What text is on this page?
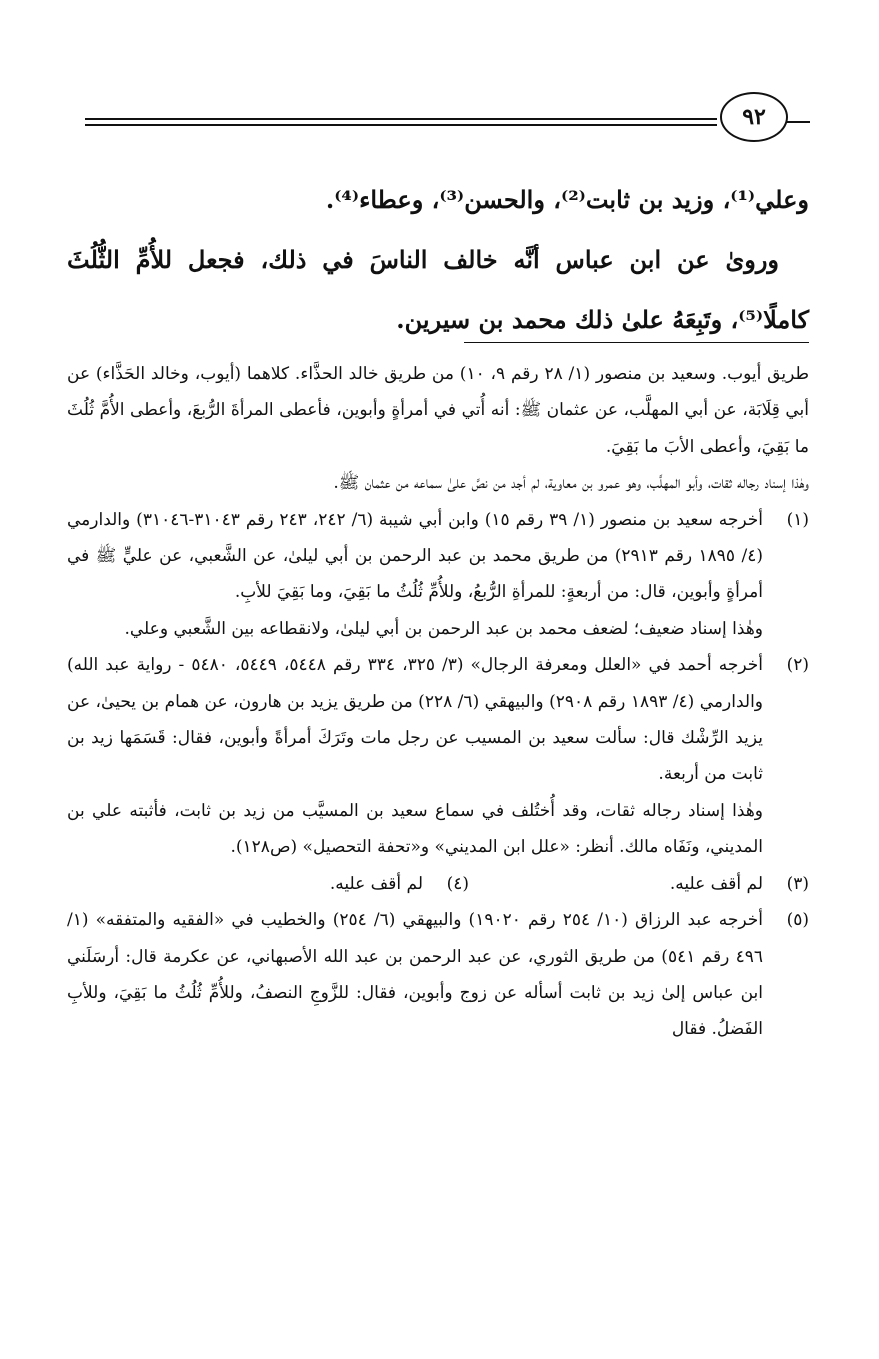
٩٢

وعلي⁽¹⁾، وزيد بن ثابت⁽²⁾، والحسن⁽³⁾، وعطاء⁽⁴⁾.

ورویٰ عن ابن عباس أنَّه خالف الناسَ في ذلك، فجعل للأُمِّ الثُّلُثَ كاملًا⁽⁵⁾، وتَبِعَهُ علىٰ ذلك محمد بن سيرين.

طريق أيوب. وسعيد بن منصور (١/ ٢٨ رقم ٩، ١٠) من طريق خالد الحذَّاء. كلاهما (أيوب، وخالد الحَذَّاء) عن أبي قِلَابَة، عن أبي المهلَّب، عن عثمان ﷺ: أنه أُتي في أمرأةٍ وأبوين، فأعطى المرأةَ الرُّبعَ، وأعطى الأُمَّ ثُلُثَ ما بَقِيَ، وأعطى الأبَ ما بَقِيَ.

وهٰذا إسناد رجاله ثقات، وأبو المهلَّب، وهو عمرو بن معاوية، لم أجد من نصَّ علىٰ سماعه من عثمان ﷺ.

(١)

أخرجه سعيد بن منصور (١/ ٣٩ رقم ١٥) وابن أبي شيبة (٦/ ٢٤٢، ٢٤٣ رقم ٣١٠٤٣-٣١٠٤٦) والدارمي (٤/ ١٨٩٥ رقم ٢٩١٣) من طريق محمد بن عبد الرحمن بن أبي ليلىٰ، عن الشَّعبي، عن عليٍّ ﷺ في أمرأةٍ وأبوين، قال: من أربعةٍ: للمرأةِ الرُّبعُ، وللأُمِّ ثُلُثُ ما بَقِيَ، وما بَقِيَ للأبِ.

وهٰذا إسناد ضعيف؛ لضعف محمد بن عبد الرحمن بن أبي ليلىٰ، ولانقطاعه بين الشَّعبي وعلي.

(٢)

أخرجه أحمد في «العلل ومعرفة الرجال» (٣/ ٣٢٥، ٣٣٤ رقم ٥٤٤٨، ٥٤٤٩، ٥٤٨٠ - رواية عبد الله) والدارمي (٤/ ١٨٩٣ رقم ٢٩٠٨) والبيهقي (٦/ ٢٢٨) من طريق يزيد بن هارون، عن همام بن يحيىٰ، عن يزيد الرِّشْك قال: سألت سعيد بن المسيب عن رجل مات وتَرَكَ أمرأةً وأبوين، فقال: قَسَمَها زيد بن ثابت من أربعة.

وهٰذا إسناد رجاله ثقات، وقد أُختُلف في سماع سعيد بن المسيَّب من زيد بن ثابت، فأثبته علي بن المديني، ونَفَاه مالك. أنظر: «علل ابن المديني» و«تحفة التحصيل» (ص١٢٨).

(٣)
لم أقف عليه.
(٤)
لم أقف عليه.
(٥)

أخرجه عبد الرزاق (١٠/ ٢٥٤ رقم ١٩٠٢٠) والبيهقي (٦/ ٢٥٤) والخطيب في «الفقيه والمتفقه» (١/ ٤٩٦ رقم ٥٤١) من طريق الثوري، عن عبد الرحمن بن عبد الله الأصبهاني، عن عكرمة قال: أرسَلَني ابن عباس إلىٰ زيد بن ثابت أسأله عن زوج وأبوين، فقال: للزَّوجِ النصفُ، وللأُمِّ ثُلُثُ ما بَقِيَ، وللأبِ الفَضلُ. فقال
